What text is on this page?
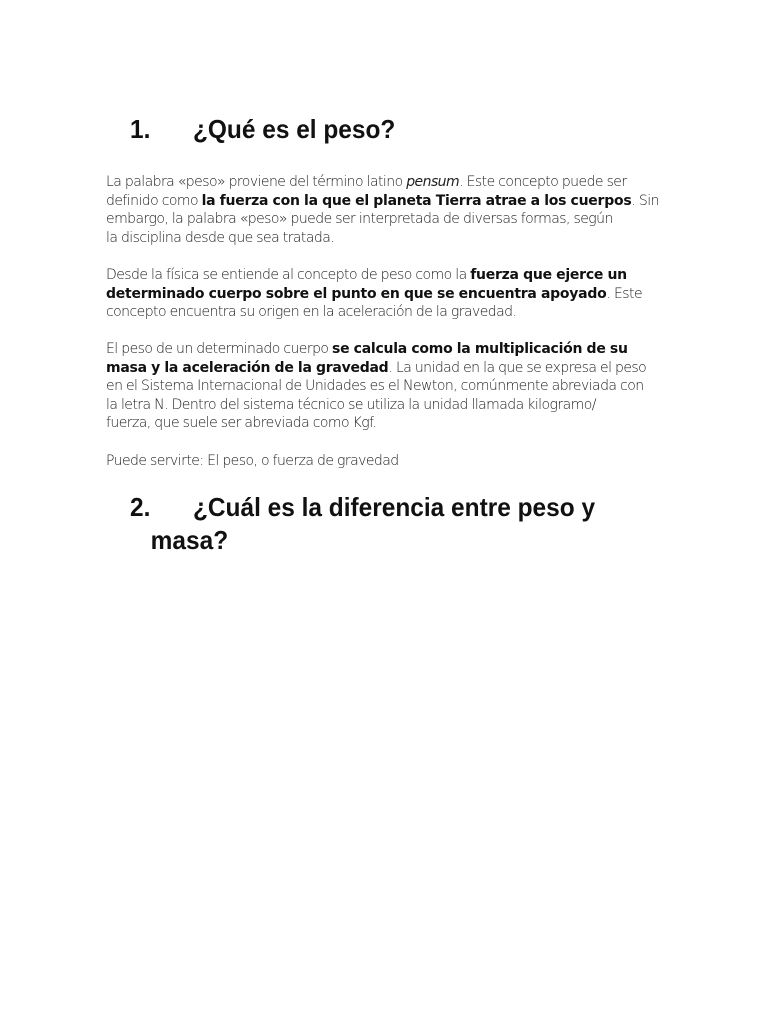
1. ¿Qué es el peso?

La palabra «peso» proviene del término latino pensum. Este concepto puede ser
definido como la fuerza con la que el planeta Tierra atrae a los cuerpos. Sin
embargo, la palabra «peso» puede ser interpretada de diversas formas, según
la disciplina desde que sea tratada.

Desde la física se entiende al concepto de peso como la fuerza que ejerce un
determinado cuerpo sobre el punto en que se encuentra apoyado. Este
concepto encuentra su origen en la aceleración de la gravedad.

El peso de un determinado cuerpo se calcula como la multiplicación de su
masa y la aceleración de la gravedad. La unidad en la que se expresa el peso
en el Sistema Internacional de Unidades es el Newton, comúnmente abreviada con
la letra N. Dentro del sistema técnico se utiliza la unidad llamada kilogramo/
fuerza, que suele ser abreviada como Kgf.

Puede servirte: El peso, o fuerza de gravedad

2. ¿Cuál es la diferencia entre peso y
masa?
